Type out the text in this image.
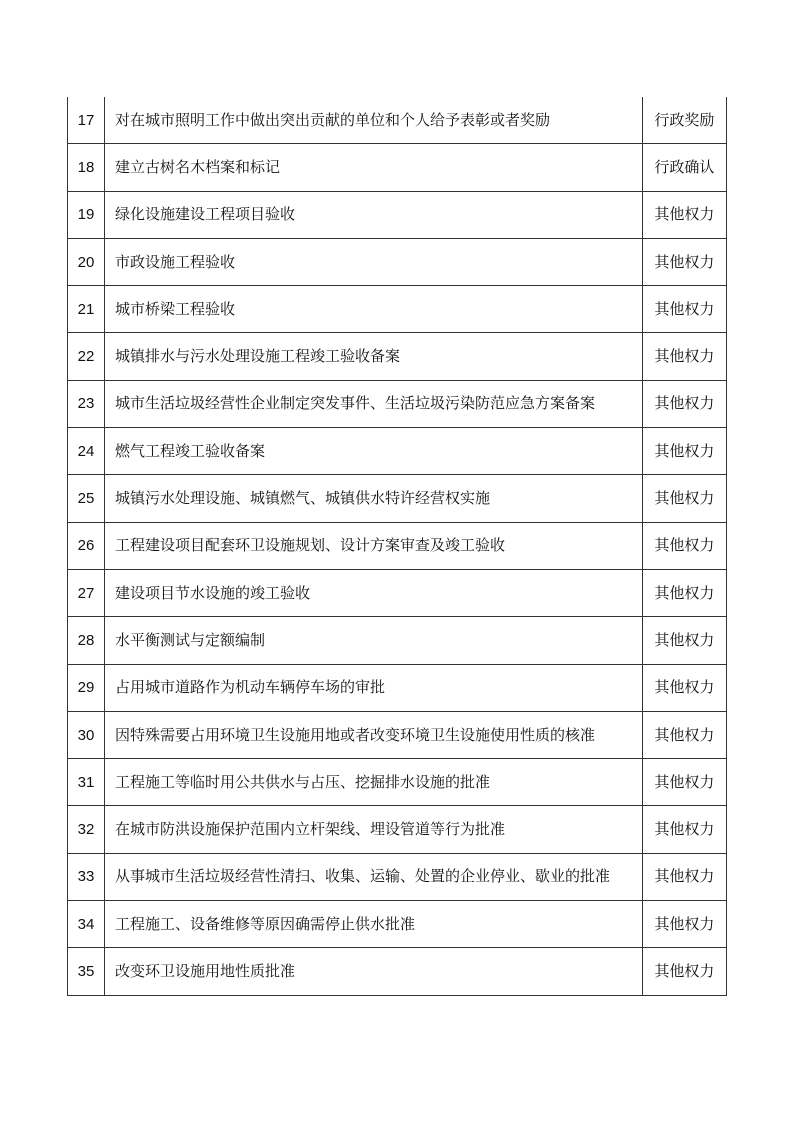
17	对在城市照明工作中做出突出贡献的单位和个人给予表彰或者奖励	行政奖励
18	建立古树名木档案和标记	行政确认
19	绿化设施建设工程项目验收	其他权力
20	市政设施工程验收	其他权力
21	城市桥梁工程验收	其他权力
22	城镇排水与污水处理设施工程竣工验收备案	其他权力
23	城市生活垃圾经营性企业制定突发事件、生活垃圾污染防范应急方案备案	其他权力
24	燃气工程竣工验收备案	其他权力
25	城镇污水处理设施、城镇燃气、城镇供水特许经营权实施	其他权力
26	工程建设项目配套环卫设施规划、设计方案审查及竣工验收	其他权力
27	建设项目节水设施的竣工验收	其他权力
28	水平衡测试与定额编制	其他权力
29	占用城市道路作为机动车辆停车场的审批	其他权力
30	因特殊需要占用环境卫生设施用地或者改变环境卫生设施使用性质的核准	其他权力
31	工程施工等临时用公共供水与占压、挖掘排水设施的批准	其他权力
32	在城市防洪设施保护范围内立杆架线、埋设管道等行为批准	其他权力
33	从事城市生活垃圾经营性清扫、收集、运输、处置的企业停业、歇业的批准	其他权力
34	工程施工、设备维修等原因确需停止供水批准	其他权力
35	改变环卫设施用地性质批准	其他权力
